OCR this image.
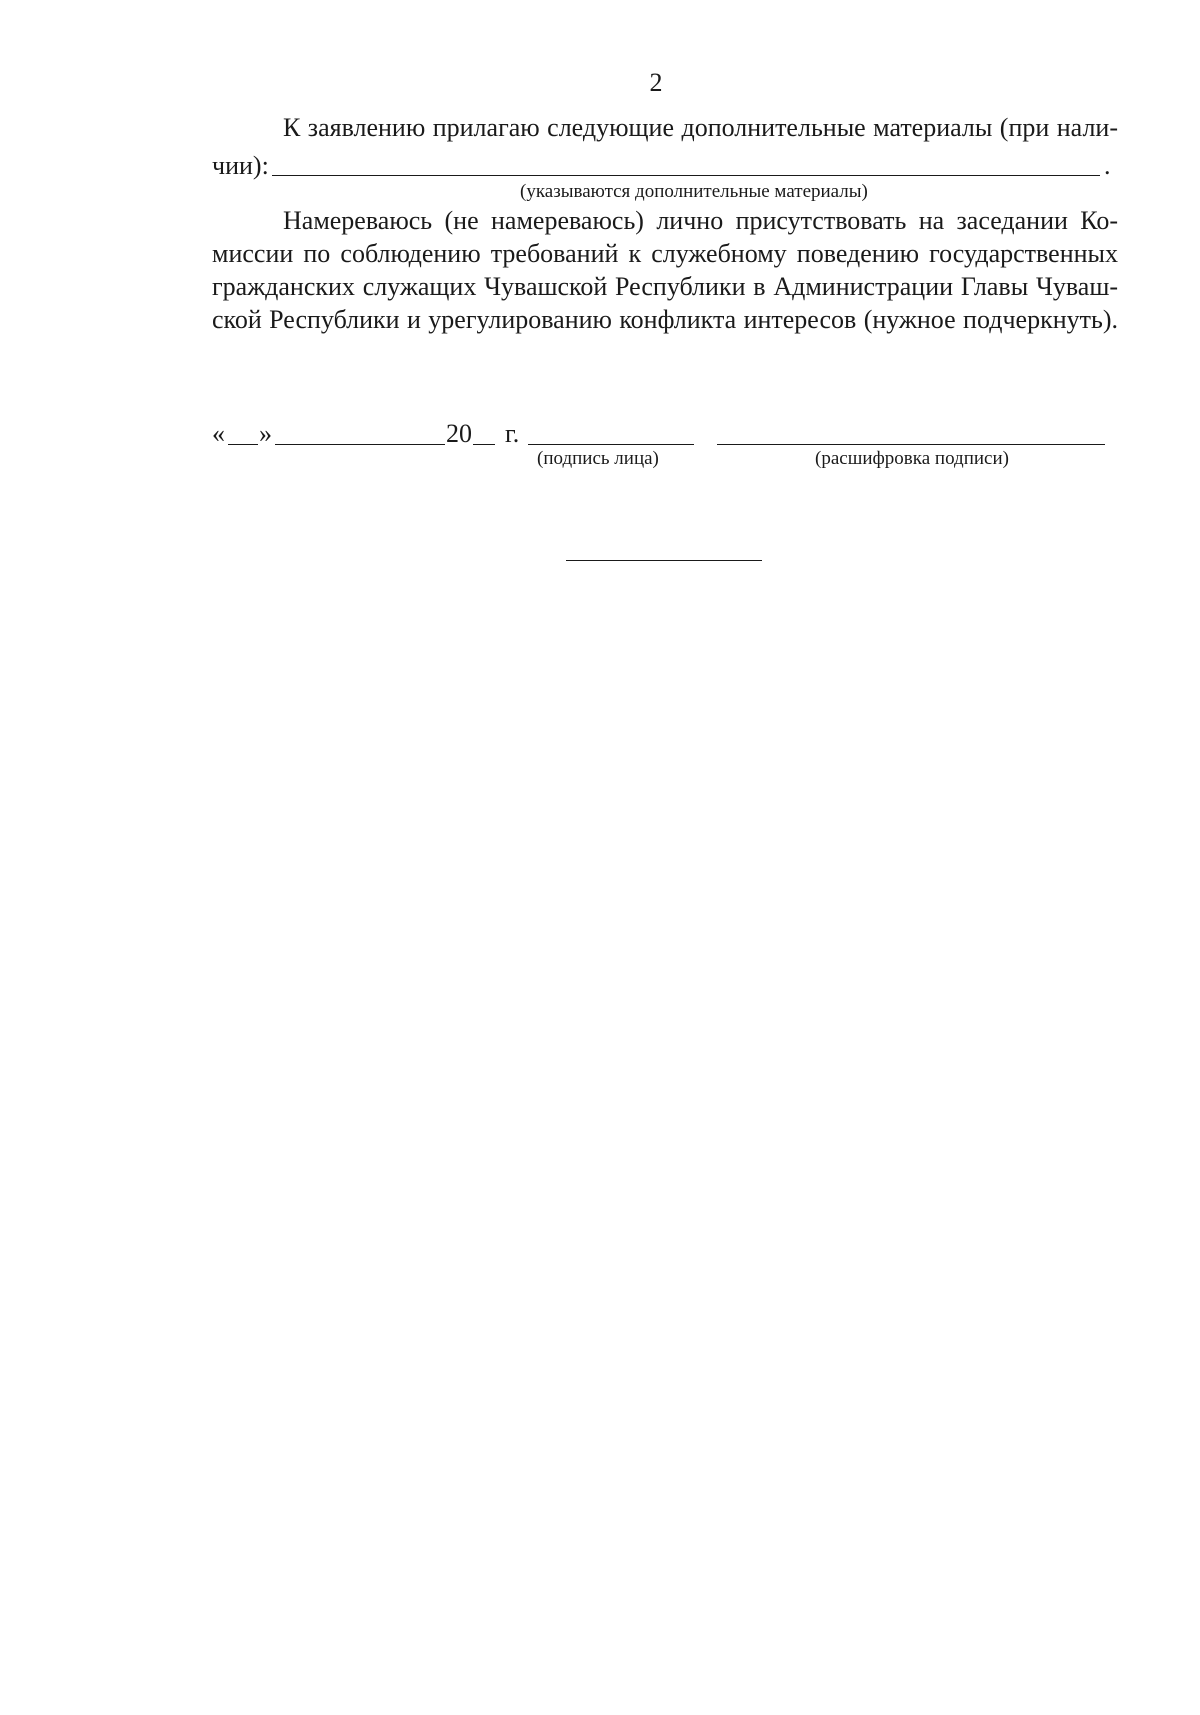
2
К заявлению прилагаю следующие дополнительные материалы (при нали-
чии):	.
(указываются дополнительные материалы)
Намереваюсь (не намереваюсь) лично присутствовать на заседании Ко-
миссии по соблюдению требований к служебному поведению государственных
гражданских служащих Чувашской Республики в Администрации Главы Чуваш-
ской Республики и урегулированию конфликта интересов (нужное подчеркнуть).
« »	20 г.
(подпись лица)	(расшифровка подписи)
